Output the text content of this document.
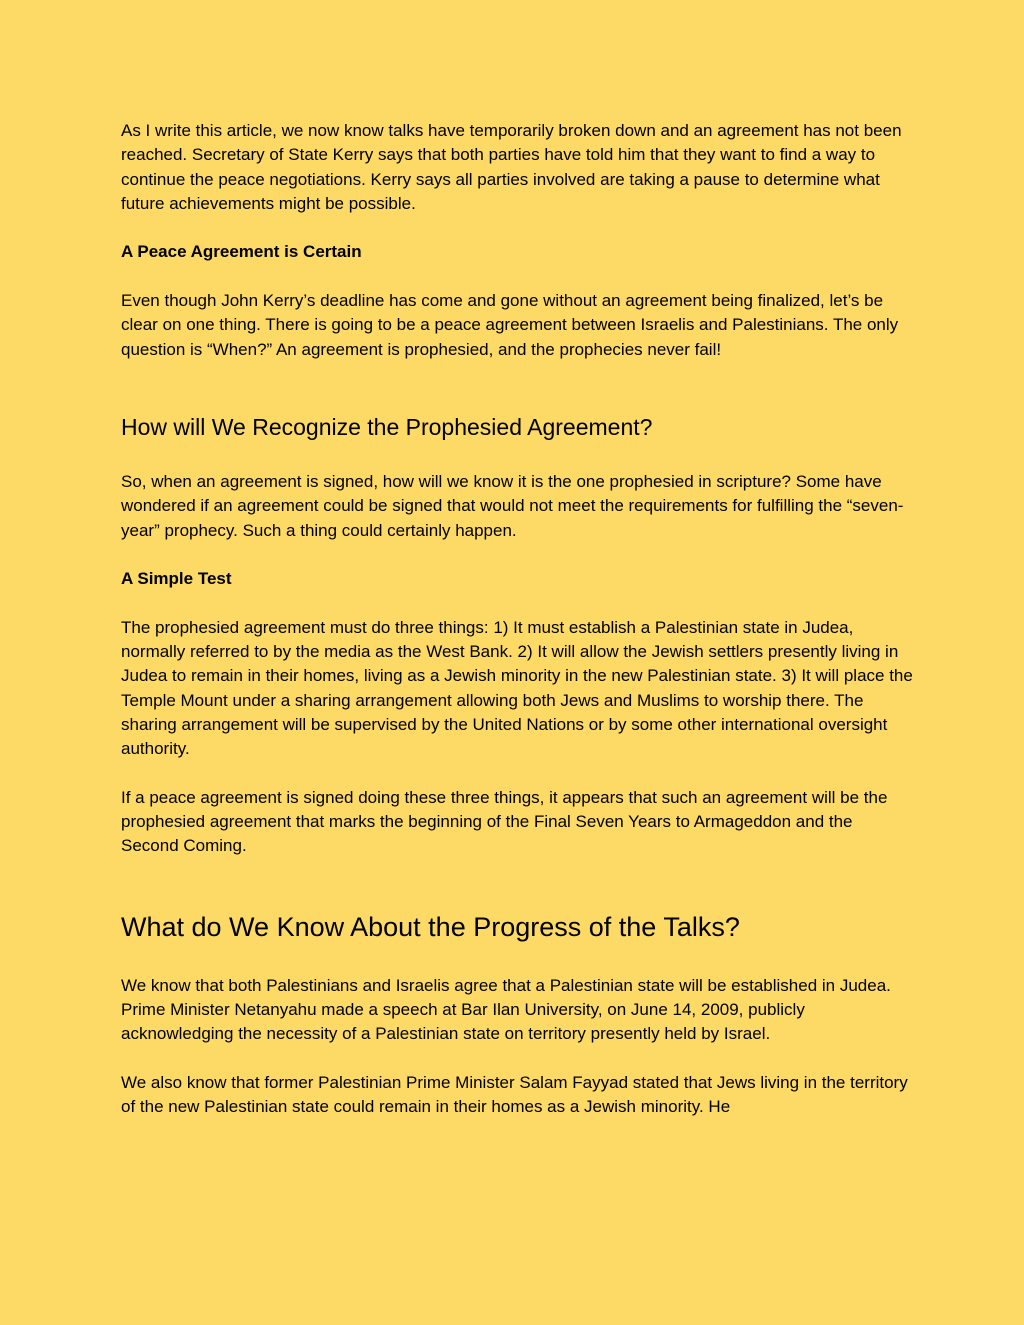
As I write this article, we now know talks have temporarily broken down and an agreement has not been reached. Secretary of State Kerry says that both parties have told him that they want to find a way to continue the peace negotiations. Kerry says all parties involved are taking a pause to determine what future achievements might be possible.

A Peace Agreement is Certain

Even though John Kerry’s deadline has come and gone without an agreement being finalized, let’s be clear on one thing. There is going to be a peace agreement between Israelis and Palestinians. The only question is “When?” An agreement is prophesied, and the prophecies never fail!

How will We Recognize the Prophesied Agreement?

So, when an agreement is signed, how will we know it is the one prophesied in scripture? Some have wondered if an agreement could be signed that would not meet the requirements for fulfilling the “seven-year” prophecy. Such a thing could certainly happen.

A Simple Test

The prophesied agreement must do three things: 1) It must establish a Palestinian state in Judea, normally referred to by the media as the West Bank. 2) It will allow the Jewish settlers presently living in Judea to remain in their homes, living as a Jewish minority in the new Palestinian state. 3) It will place the Temple Mount under a sharing arrangement allowing both Jews and Muslims to worship there. The sharing arrangement will be supervised by the United Nations or by some other international oversight authority.

If a peace agreement is signed doing these three things, it appears that such an agreement will be the prophesied agreement that marks the beginning of the Final Seven Years to Armageddon and the Second Coming.

What do We Know About the Progress of the Talks?

We know that both Palestinians and Israelis agree that a Palestinian state will be established in Judea. Prime Minister Netanyahu made a speech at Bar Ilan University, on June 14, 2009, publicly acknowledging the necessity of a Palestinian state on territory presently held by Israel.

We also know that former Palestinian Prime Minister Salam Fayyad stated that Jews living in the territory of the new Palestinian state could remain in their homes as a Jewish minority. He
